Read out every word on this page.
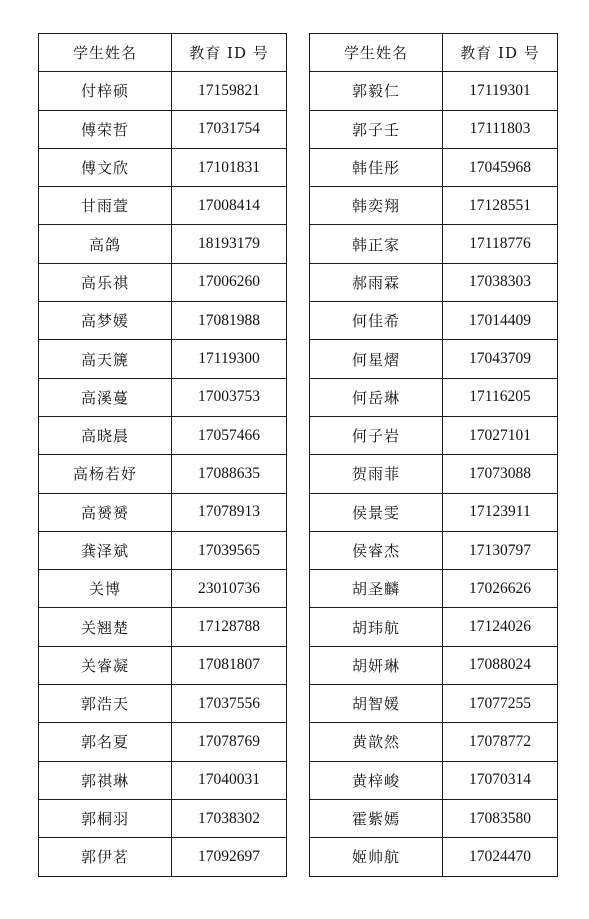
学生姓名	教育 ID 号
付梓硕	17159821
傅荣哲	17031754
傅文欣	17101831
甘雨萱	17008414
高鸽	18193179
高乐祺	17006260
高梦媛	17081988
高天篪	17119300
高溪蔓	17003753
高晓晨	17057466
高杨若妤	17088635
高赟赟	17078913
龚泽斌	17039565
关博	23010736
关翘楚	17128788
关睿凝	17081807
郭浩天	17037556
郭名夏	17078769
郭祺琳	17040031
郭桐羽	17038302
郭伊茗	17092697
学生姓名	教育 ID 号
郭毅仁	17119301
郭子壬	17111803
韩佳彤	17045968
韩奕翔	17128551
韩正家	17118776
郝雨霖	17038303
何佳希	17014409
何星熠	17043709
何岳琳	17116205
何子岩	17027101
贺雨菲	17073088
侯景雯	17123911
侯睿杰	17130797
胡圣麟	17026626
胡玮航	17124026
胡妍琳	17088024
胡智媛	17077255
黄歆然	17078772
黄梓峻	17070314
霍紫嫣	17083580
姬帅航	17024470
